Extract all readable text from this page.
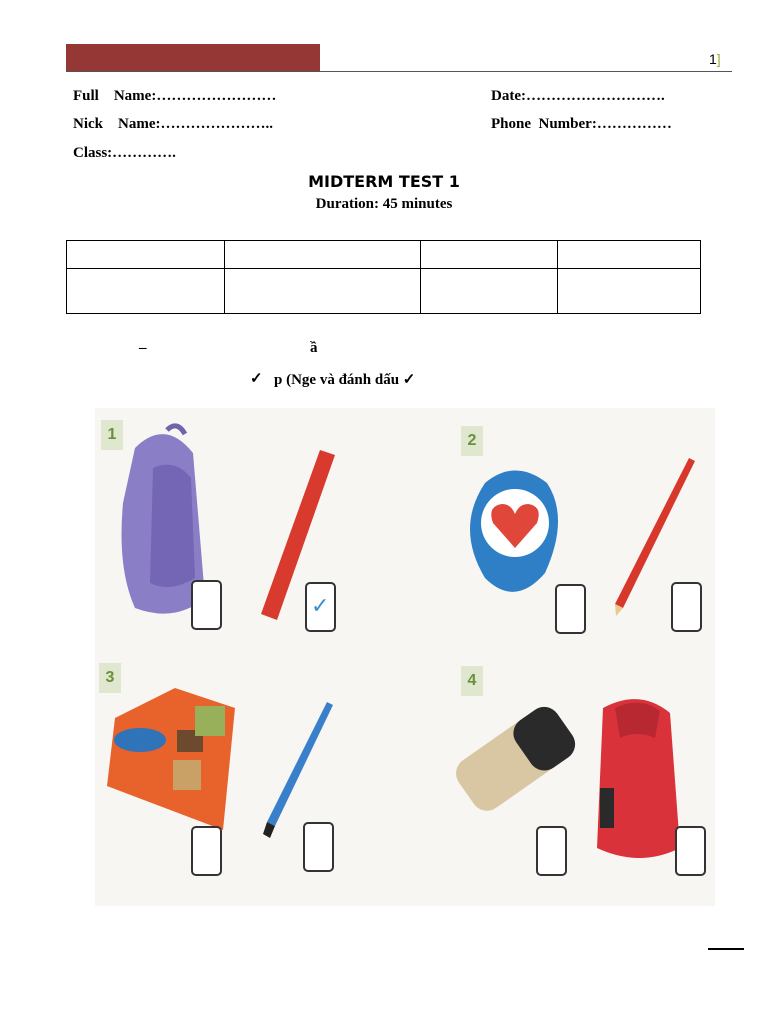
1]
Full    Name:……………………
Nick    Name:…………………..
Class:………….
Date:……………………….
Phone  Number:……………
MIDTERM TEST 1
Duration: 45 minutes

–	ầ
✓ p (Nge và đánh dấu ✓
1	2
3	4
✓
